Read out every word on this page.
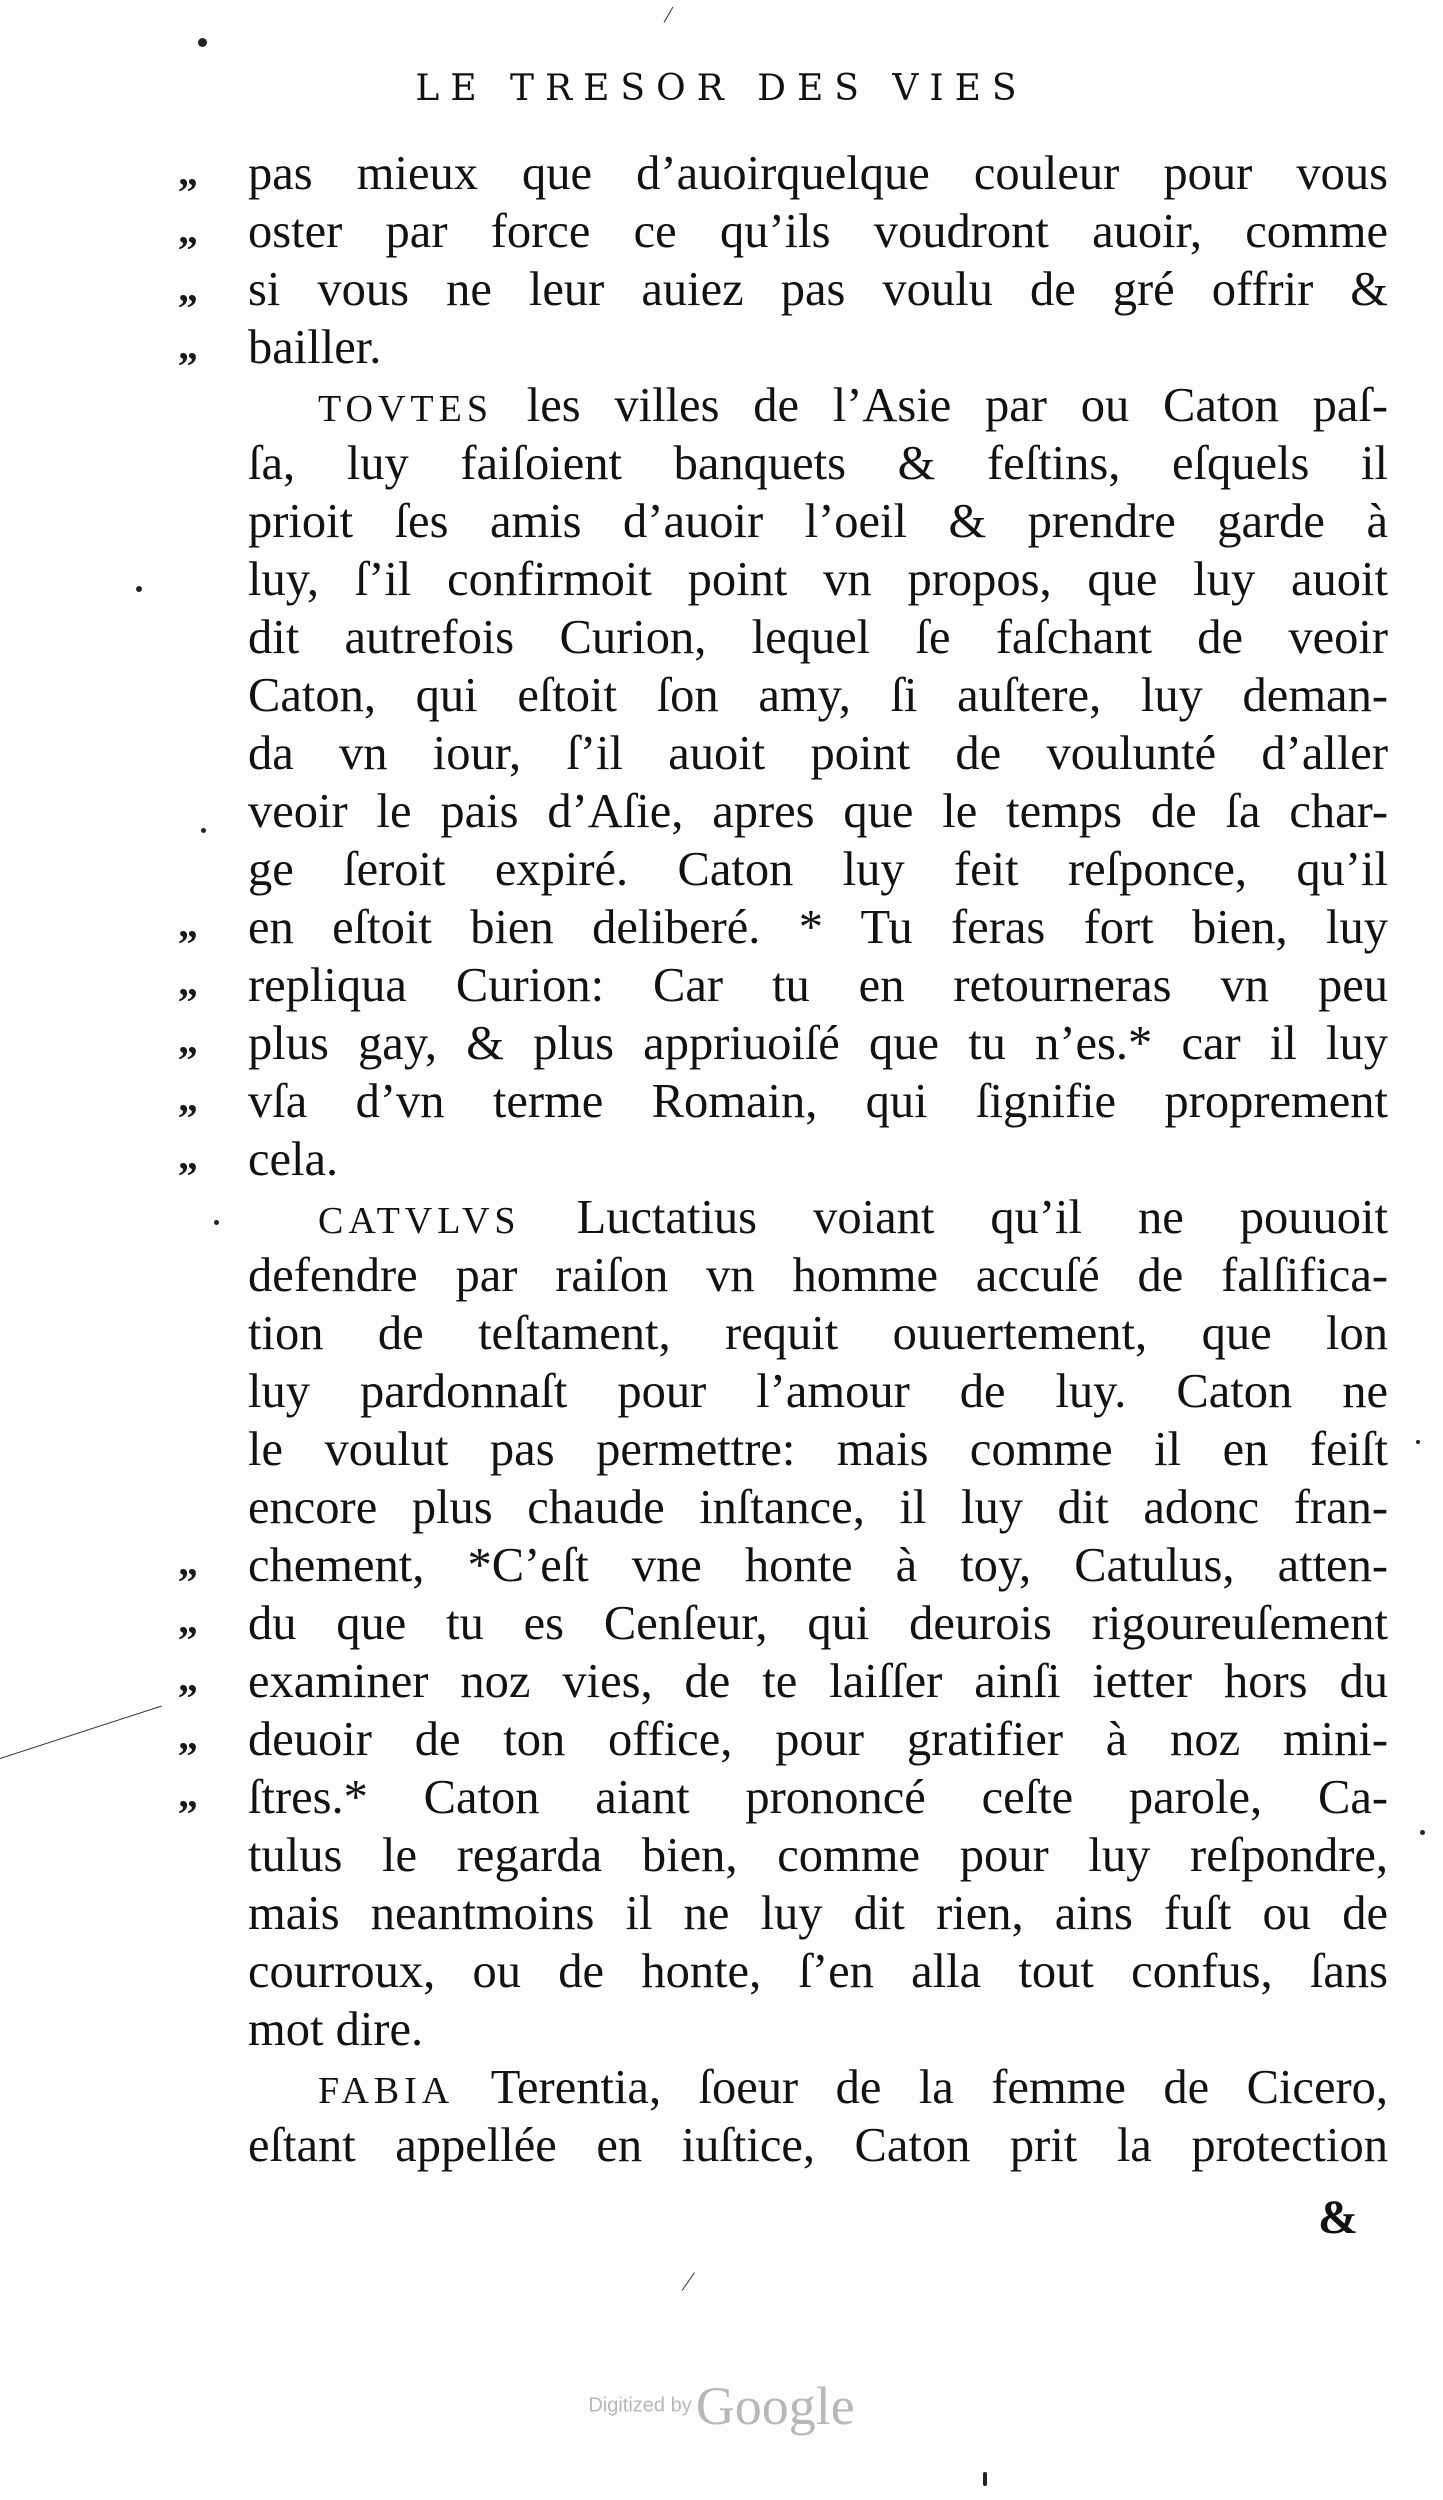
LE TRESOR DES VIES
pas mieux que d’auoirquelque couleur pour vous
oster par force ce qu’ils voudront auoir, comme
si vous ne leur auiez pas voulu de gré offrir &
bailler.
TOVTES les villes de l’Asie par ou Caton paſ-
ſa, luy faiſoient banquets & feſtins, eſquels il
prioit ſes amis d’auoir l’oeil & prendre garde à
luy, ſ’il confirmoit point vn propos, que luy auoit
dit autrefois Curion, lequel ſe faſchant de veoir
Caton, qui eſtoit ſon amy, ſi auſtere, luy deman-
da vn iour, ſ’il auoit point de voulunté d’aller
veoir le pais d’Aſie, apres que le temps de ſa char-
ge ſeroit expiré. Caton luy feit reſponce, qu’il
en eſtoit bien deliberé. * Tu feras fort bien, luy
repliqua Curion: Car tu en retourneras vn peu
plus gay, & plus appriuoiſé que tu n’es.* car il luy
vſa d’vn terme Romain, qui ſignifie proprement
cela.
CATVLVS Luctatius voiant qu’il ne pouuoit
defendre par raiſon vn homme accuſé de falſifica-
tion de teſtament, requit ouuertement, que lon
luy pardonnaſt pour l’amour de luy. Caton ne
le voulut pas permettre: mais comme il en feiſt
encore plus chaude inſtance, il luy dit adonc fran-
chement, *C’eſt vne honte à toy, Catulus, atten-
du que tu es Cenſeur, qui deurois rigoureuſement
examiner noz vies, de te laiſſer ainſi ietter hors du
deuoir de ton office, pour gratifier à noz mini-
ſtres.* Caton aiant prononcé ceſte parole, Ca-
tulus le regarda bien, comme pour luy reſpondre,
mais neantmoins il ne luy dit rien, ains fuſt ou de
courroux, ou de honte, ſ’en alla tout confus, ſans
mot dire.
FABIA Terentia, ſoeur de la femme de Cicero,
eſtant appellée en iuſtice, Caton prit la protection
„
„
„
„
„
„
„
„
„
„
„
„
„
„
&
Digitized by Google
